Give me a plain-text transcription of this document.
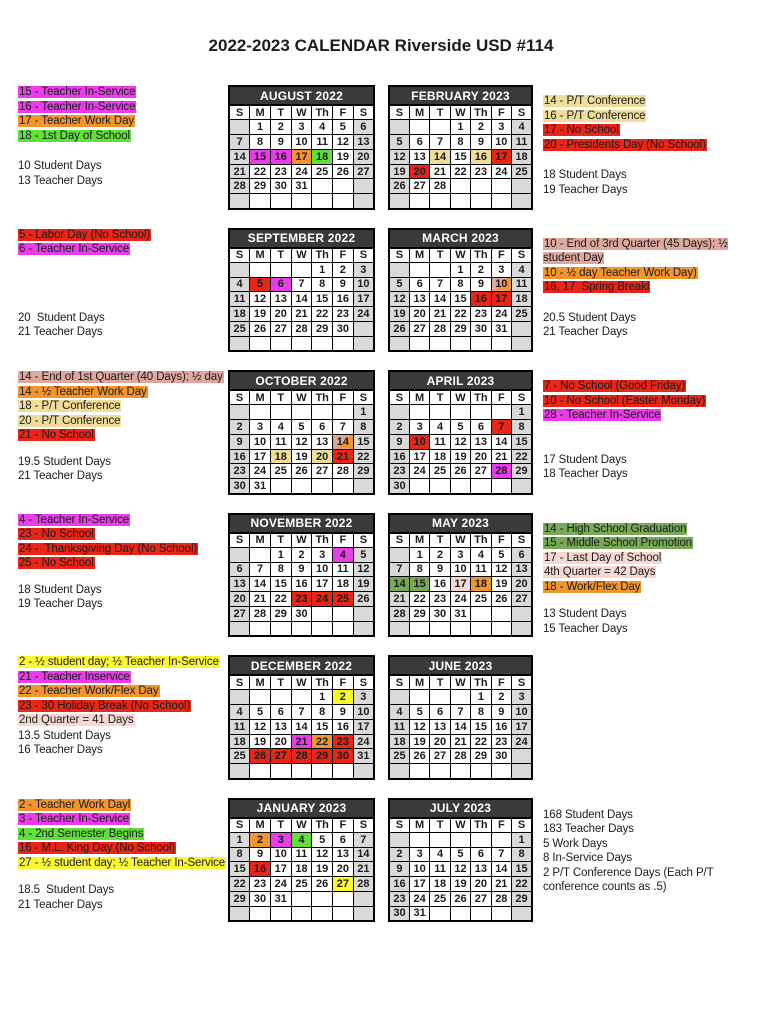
2022-2023 CALENDAR Riverside USD #114
15 - Teacher In-Service
16 - Teacher In-Service
17 - Teacher Work Day
18 - 1st Day of School
10 Student Days
13 Teacher Days
AUGUST 2022						
S	M	T	W	Th	F	S
	1	2	3	4	5	6
7	8	9	10	11	12	13
14	15	16	17	18	19	20
21	22	23	24	25	26	27
28	29	30	31			

FEBRUARY 2023						
S	M	T	W	Th	F	S
			1	2	3	4
5	6	7	8	9	10	11
12	13	14	15	16	17	18
19	20	21	22	23	24	25
26	27	28				

14 - P/T Conference
16 - P/T Conference
17 - No School
20 - Presidents Day (No School)
18 Student Days
19 Teacher Days
5 - Labor Day (No School)
6 - Teacher In-Service
20  Student Days
21 Teacher Days
SEPTEMBER 2022						
S	M	T	W	Th	F	S
				1	2	3
4	5	6	7	8	9	10
11	12	13	14	15	16	17
18	19	20	21	22	23	24
25	26	27	28	29	30	

MARCH 2023						
S	M	T	W	Th	F	S
			1	2	3	4
5	6	7	8	9	10	11
12	13	14	15	16	17	18
19	20	21	22	23	24	25
26	27	28	29	30	31	

10 - End of 3rd Quarter (45 Days); ½ student Day
10 - ½ day Teacher Work Day)
16, 17  Spring Breakl
20.5 Student Days
21 Teacher Days
14 - End of 1st Quarter (40 Days); ½ day
14 - ½ Teacher Work Day
18 - P/T Conference
20 - P/T Conference
21 - No School
19.5 Student Days
21 Teacher Days
OCTOBER 2022						
S	M	T	W	Th	F	S
						1
2	3	4	5	6	7	8
9	10	11	12	13	14	15
16	17	18	19	20	21	22
23	24	25	26	27	28	29
30	31					
APRIL 2023						
S	M	T	W	Th	F	S
						1
2	3	4	5	6	7	8
9	10	11	12	13	14	15
16	17	18	19	20	21	22
23	24	25	26	27	28	29
30						
7 - No School (Good Friday)
10 - No School (Easter Monday)
28 - Teacher In-Service
17 Student Days
18 Teacher Days
4 - Teacher In-Service
23 - No School
24 -  Thanksgiving Day (No School)
25 - No School
18 Student Days
19 Teacher Days
NOVEMBER 2022						
S	M	T	W	Th	F	S
		1	2	3	4	5
6	7	8	9	10	11	12
13	14	15	16	17	18	19
20	21	22	23	24	25	26
27	28	29	30			

MAY 2023						
S	M	T	W	Th	F	S
	1	2	3	4	5	6
7	8	9	10	11	12	13
14	15	16	17	18	19	20
21	22	23	24	25	26	27
28	29	30	31			

14 - High School Graduation
15 - Middle School Promotion
17 - Last Day of School
4th Quarter = 42 Days
18 - Work/Flex Day
13 Student Days
15 Teacher Days
2 - ½ student day; ½ Teacher In-Service
21 - Teacher Inservice
22 - Teacher Work/Flex Day
23 - 30 Holiday Break (No School)
2nd Quarter = 41 Days
13.5 Student Days
16 Teacher Days
DECEMBER 2022						
S	M	T	W	Th	F	S
				1	2	3
4	5	6	7	8	9	10
11	12	13	14	15	16	17
18	19	20	21	22	23	24
25	26	27	28	29	30	31

JUNE 2023						
S	M	T	W	Th	F	S
				1	2	3
4	5	6	7	8	9	10
11	12	13	14	15	16	17
18	19	20	21	22	23	24
25	26	27	28	29	30	

2 - Teacher Work Dayl
3 - Teacher In-Service
4 - 2nd Semester Begins
16 - M.L. King Day (No School)
27 - ½ student day; ½ Teacher In-Service
18.5  Student Days
21 Teacher Days
JANUARY 2023						
S	M	T	W	Th	F	S
1	2	3	4	5	6	7
8	9	10	11	12	13	14
15	16	17	18	19	20	21
22	23	24	25	26	27	28
29	30	31				

JULY 2023						
S	M	T	W	Th	F	S
						1
2	3	4	5	6	7	8
9	10	11	12	13	14	15
16	17	18	19	20	21	22
23	24	25	26	27	28	29
30	31					
168 Student Days
183 Teacher Days
5 Work Days
8 In-Service Days
2 P/T Conference Days (Each P/T conference counts as .5)
